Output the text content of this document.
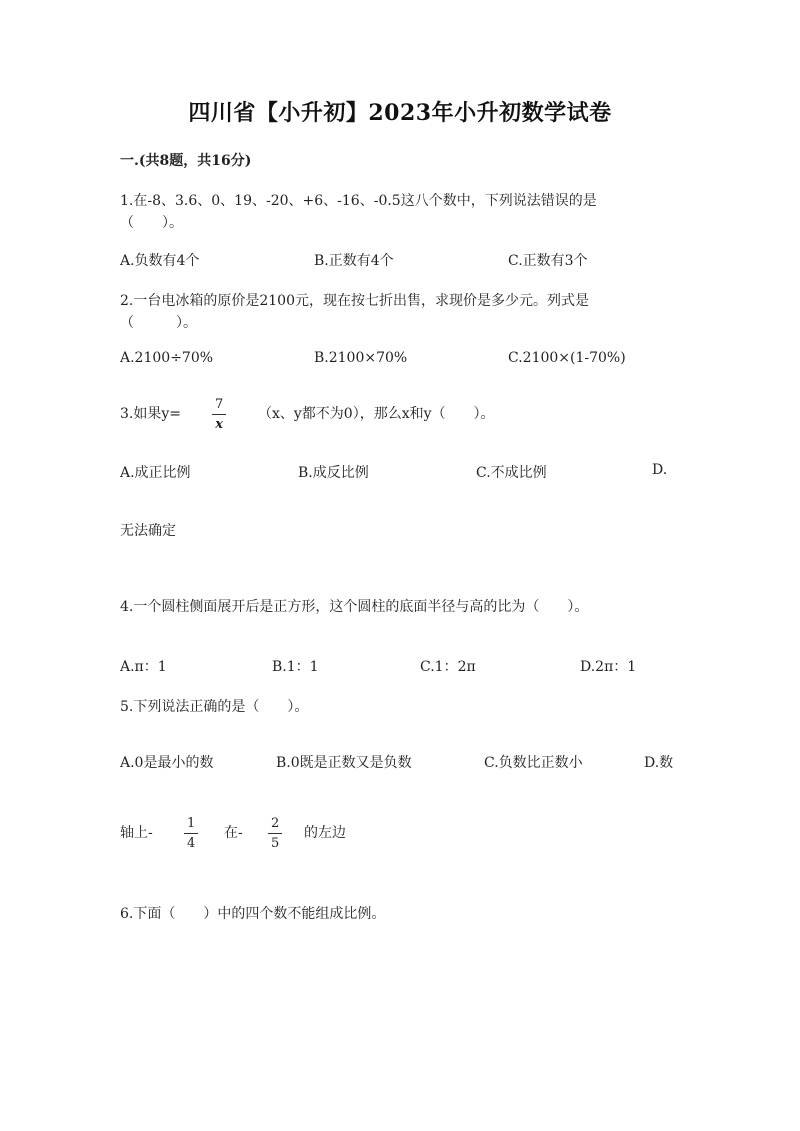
四川省【小升初】2023年小升初数学试卷
一.(共8题，共16分)
1.在-8、3.6、0、19、-20、+6、-16、-0.5这八个数中，下列说法错误的是
（　　）。
A.负数有4个	B.正数有4个	C.正数有3个
2.一台电冰箱的原价是2100元，现在按七折出售，求现价是多少元。列式是
（　　　）。
A.2100÷70%	B.2100×70%	C.2100×(1-70%)
3.如果y=
7
x
（x、y都不为0），那么x和y（　　）。
A.成正比例	B.成反比例	C.不成比例	D.
无法确定
4.一个圆柱侧面展开后是正方形，这个圆柱的底面半径与高的比为（　　）。
A.π：1	B.1：1	C.1：2π	D.2π：1
5.下列说法正确的是（　　）。
A.0是最小的数	B.0既是正数又是负数	C.负数比正数小	D.数
轴上-
1
4
在-
2
5
的左边
6.下面（　　）中的四个数不能组成比例。
